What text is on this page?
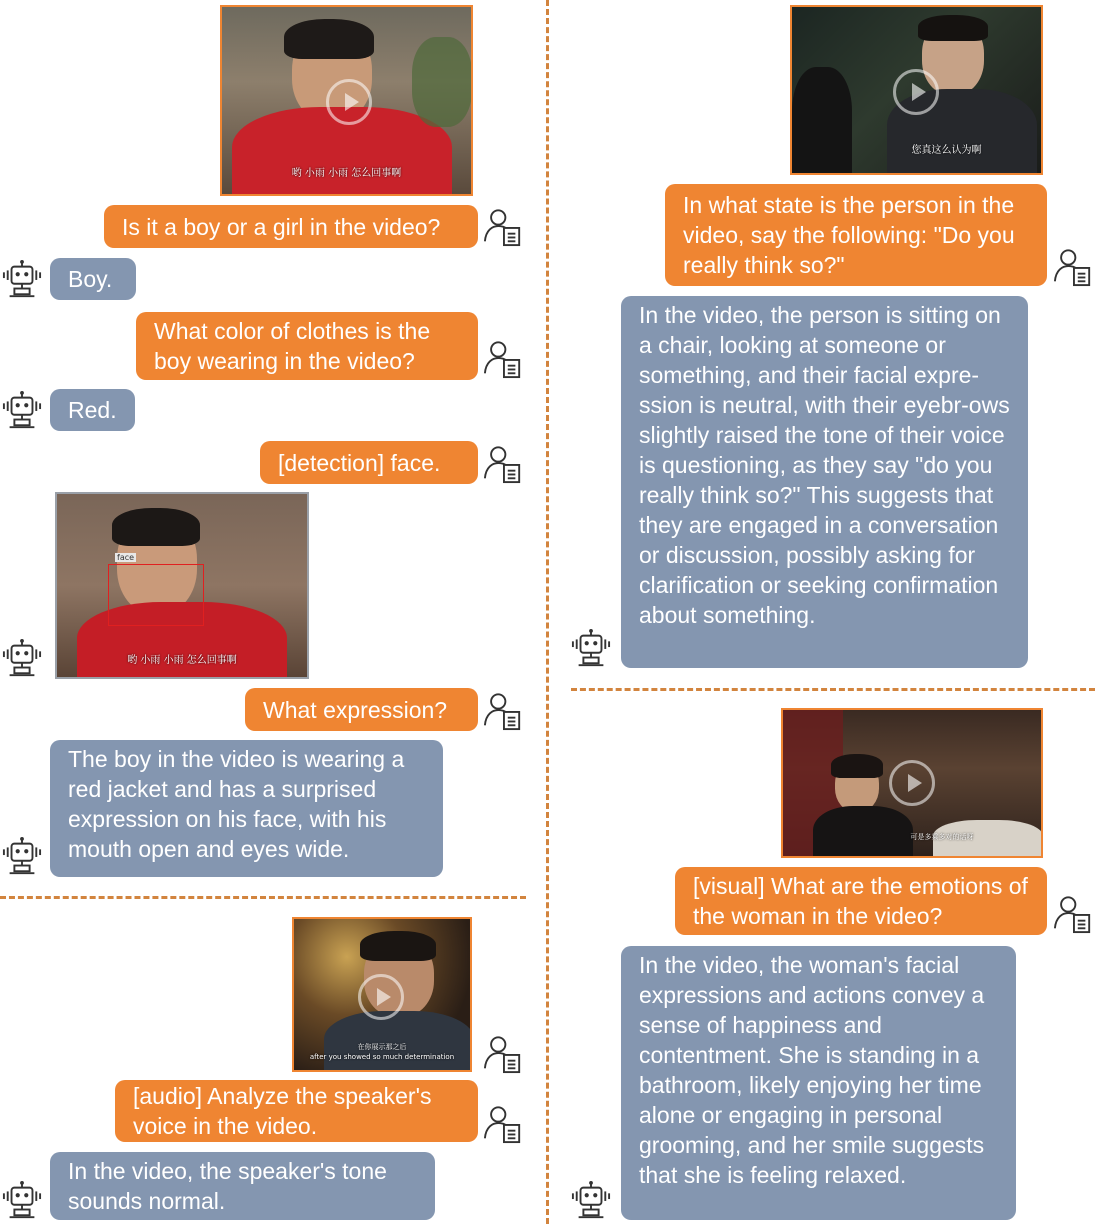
哟 小雨 小雨 怎么回事啊
Is it a boy or a girl in the video?
Boy.
What color of clothes is the boy wearing in the video?
Red.
[detection] face.
face
哟 小雨 小雨 怎么回事啊
What expression?
The boy in the video is wearing a red jacket and has a surprised expression on his face, with his mouth open and eyes wide.
在你展示那之后
after you showed so much determination
[audio] Analyze the speaker's voice in the video.
In the video, the speaker's tone sounds normal.
您真这么认为啊
In what state is the person in the video, say the following: "Do you really think so?"
In the video, the person is sitting on a chair, looking at someone or something, and their facial expre-ssion is neutral, with their eyebr-ows slightly raised the tone of their voice is questioning, as they say "do you really think so?" This suggests that they are engaged in a conversation or discussion, possibly asking for clarification or seeking confirmation about something.
可是多乘多对的话呀
[visual] What are the emotions of the woman in the video?
In the video, the woman's facial expressions and actions convey a sense of happiness and contentment. She is standing in a bathroom, likely enjoying her time alone or engaging in personal grooming, and her smile suggests that she is feeling relaxed.
